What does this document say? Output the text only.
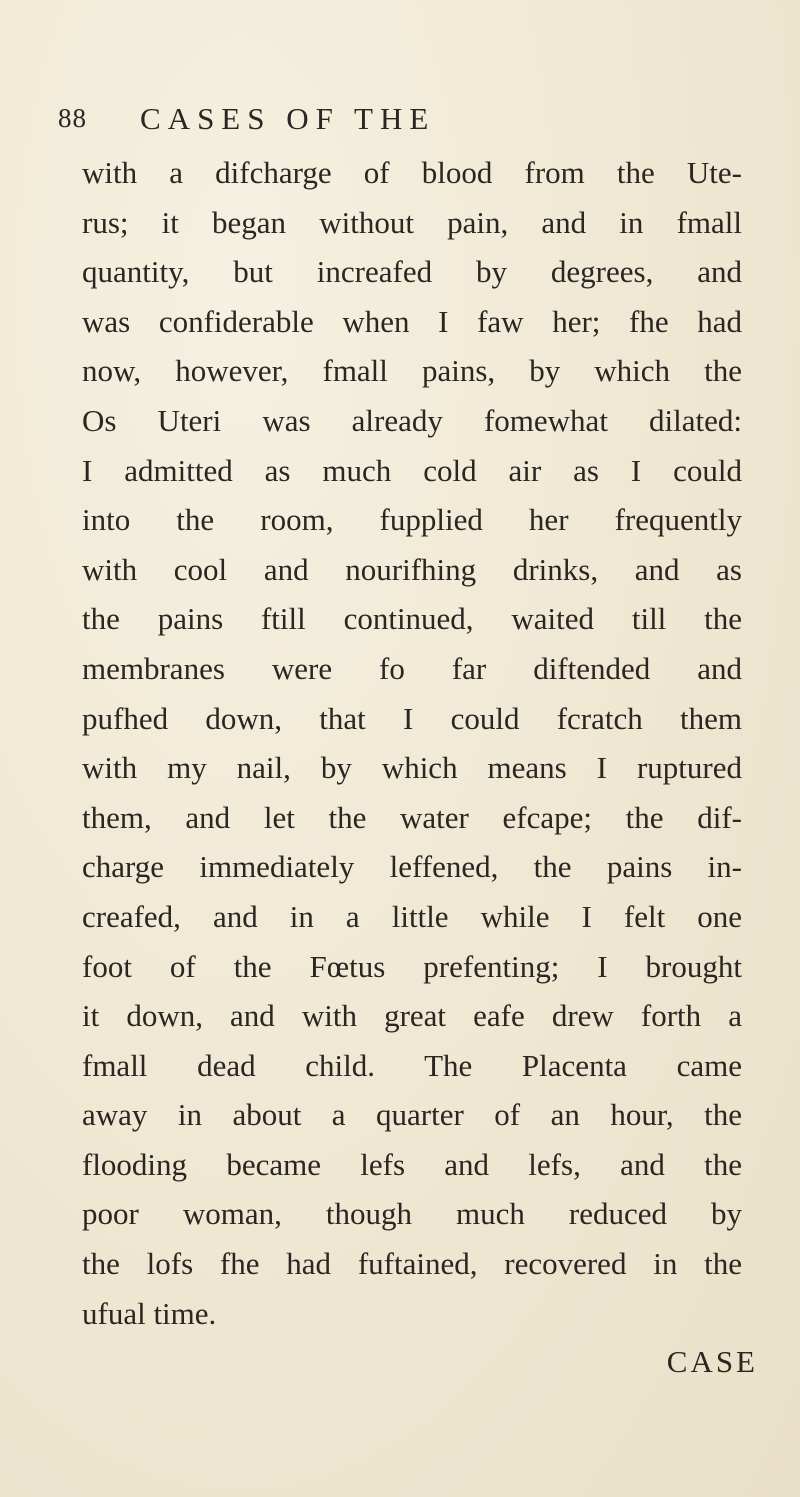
88 CASES OF THE
with a difcharge of blood from the Ute-
rus; it began without pain, and in fmall
quantity, but increafed by degrees, and
was confiderable when I faw her; fhe had
now, however, fmall pains, by which the
Os Uteri was already fomewhat dilated:
I admitted as much cold air as I could
into the room, fupplied her frequently
with cool and nourifhing drinks, and as
the pains ftill continued, waited till the
membranes were fo far diftended and
pufhed down, that I could fcratch them
with my nail, by which means I ruptured
them, and let the water efcape; the dif-
charge immediately leffened, the pains in-
creafed, and in a little while I felt one
foot of the Fœtus prefenting; I brought
it down, and with great eafe drew forth a
fmall dead child. The Placenta came
away in about a quarter of an hour, the
flooding became lefs and lefs, and the
poor woman, though much reduced by
the lofs fhe had fuftained, recovered in the
ufual time.
CASE
